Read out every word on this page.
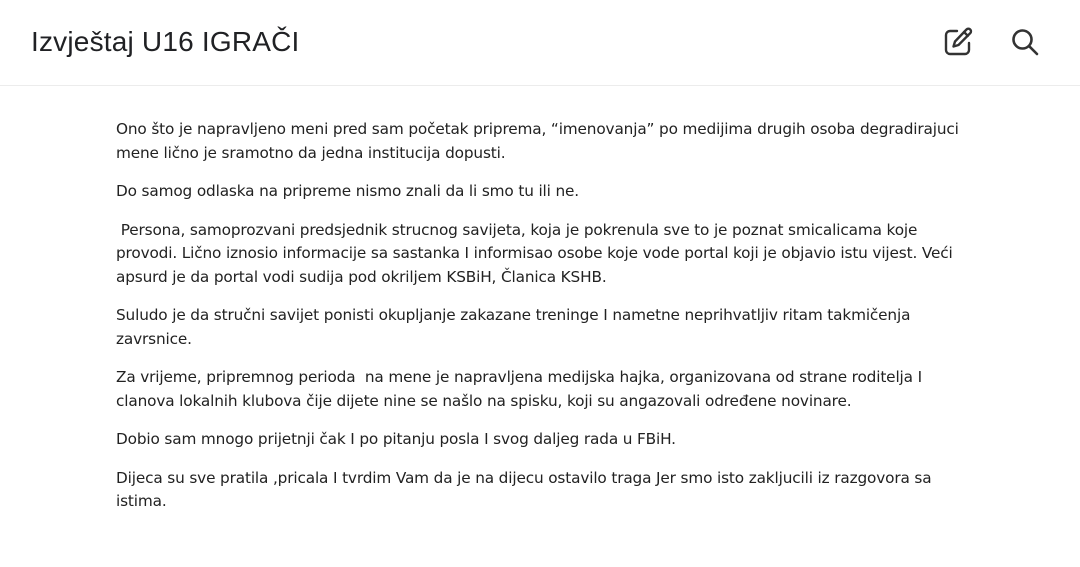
Izvještaj U16 IGRAČI

Ono što je napravljeno meni pred sam početak priprema, “imenovanja” po medijima drugih osoba degradirajuci mene lično je sramotno da jedna institucija dopusti.

Do samog odlaska na pripreme nismo znali da li smo tu ili ne.

Persona, samoprozvani predsjednik strucnog savijeta, koja je pokrenula sve to je poznat smicalicama koje provodi. Lično iznosio informacije sa sastanka I informisao osobe koje vode portal koji je objavio istu vijest. Veći apsurd je da portal vodi sudija pod okriljem KSBiH, Članica KSHB.

Suludo je da stručni savijet ponisti okupljanje zakazane treninge I nametne neprihvatljiv ritam takmičenja zavrsnice.

Za vrijeme, pripremnog perioda  na mene je napravljena medijska hajka, organizovana od strane roditelja I clanova lokalnih klubova čije dijete nine se našlo na spisku, koji su angazovali određene novinare.

Dobio sam mnogo prijetnji čak I po pitanju posla I svog daljeg rada u FBiH.

Dijeca su sve pratila ,pricala I tvrdim Vam da je na dijecu ostavilo traga Jer smo isto zakljucili iz razgovora sa istima.
